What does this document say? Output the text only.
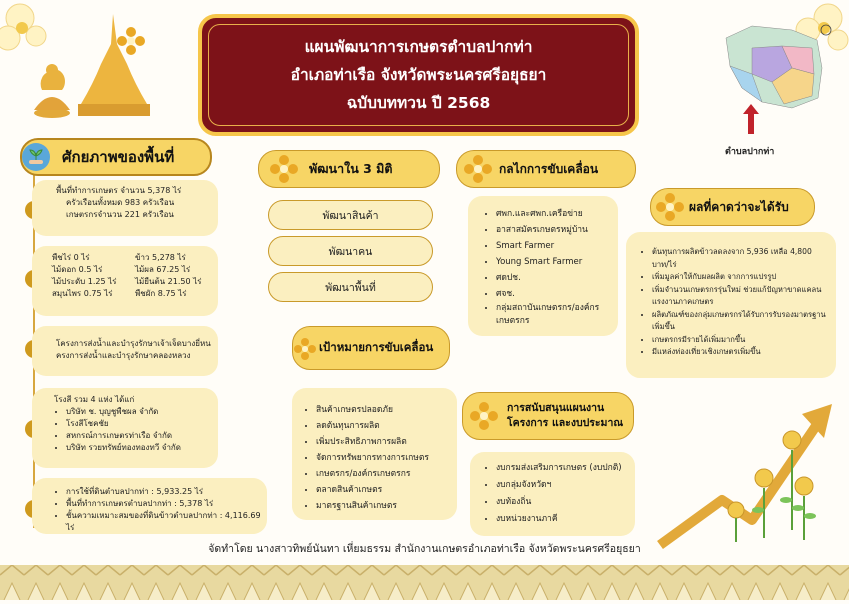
แผนพัฒนาการเกษตรตำบลปากท่า
อำเภอท่าเรือ จังหวัดพระนครศรีอยุธยา
ฉบับบททวน ปี 2568
ตำบลปากท่า
ศักยภาพของพื้นที่
พื้นที่ทำการเกษตร จำนวน 5,378 ไร่
ครัวเรือนทั้งหมด 983 ครัวเรือน
เกษตรกรจำนวน 221 ครัวเรือน
พืชไร่ 0 ไร่
ไม้ดอก 0.5 ไร่
ไม้ประดับ 1.25 ไร่
สมุนไพร 0.75 ไร่
ข้าว 5,278 ไร่
ไม้ผล 67.25 ไร่
ไม้ยืนต้น 21.50 ไร่
พืชผัก 8.75 ไร่
โครงการส่งน้ำและบำรุงรักษาเจ้าเจ็ดบางยี่หน
ครงการส่งน้ำและบำรุงรักษาคลองหลวง
โรงสี รวม 4 แห่ง ได้แก่
• บริษัท ช. บุญชูพืชผล จำกัด
• โรงสีโชคชัย
• สหกรณ์การเกษตรท่าเรือ จำกัด
• บริษัท รวยทรัพย์ทองทองทวี จำกัด
• การใช้ที่ดินตำบลปากท่า : 5,933.25 ไร่
• พื้นที่ทำการเกษตรตำบลปากท่า : 5,378 ไร่
• ชั้นความเหมาะสมของที่ดินข้าวตำบลปากท่า : 4,116.69 ไร่
พัฒนาใน 3 มิติ
พัฒนาสินค้า
พัฒนาคน
พัฒนาพื้นที่
เป้าหมายการขับเคลื่อน
• สินค้าเกษตรปลอดภัย
• ลดต้นทุนการผลิต
• เพิ่มประสิทธิภาพการผลิต
• จัดการทรัพยากรทางการเกษตร
• เกษตรกร/องค์กรเกษตรกร
• ตลาดสินค้าเกษตร
• มาตรฐานสินค้าเกษตร
กลไกการขับเคลื่อน
• ศพก.และศพก.เครือข่าย
• อาสาสมัครเกษตรหมู่บ้าน
• Smart Farmer
• Young Smart Farmer
• ศดปช.
• ศจช.
• กลุ่มสถาบันเกษตรกร/องค์กรเกษตรกร
การสนับสนุนแผนงาน
โครงการ และงบประมาณ
• งบกรมส่งเสริมการเกษตร (งบปกติ)
• งบกลุ่มจังหวัดฯ
• งบท้องถิ่น
• งบหน่วยงานภาคี
ผลที่คาดว่าจะได้รับ
• ต้นทุนการผลิตข้าวลดลงจาก 5,936 เหลือ 4,800 บาท/ไร่
• เพิ่มมูลค่าให้กับผลผลิต จากการแปรรูป
• เพิ่มจำนวนเกษตรกรรุ่นใหม่ ช่วยแก้ปัญหาขาดแคลนแรงงานภาคเกษตร
• ผลิตภัณฑ์ของกลุ่มเกษตรกรได้รับการรับรองมาตรฐานเพิ่มขึ้น
• เกษตรกรมีรายได้เพิ่มมากขึ้น
• มีแหล่งท่องเที่ยวเชิงเกษตรเพิ่มขึ้น
จัดทำโดย นางสาวทิพย์นันทา เหี่ยมธรรม สำนักงานเกษตรอำเภอท่าเรือ จังหวัดพระนครศรีอยุธยา
